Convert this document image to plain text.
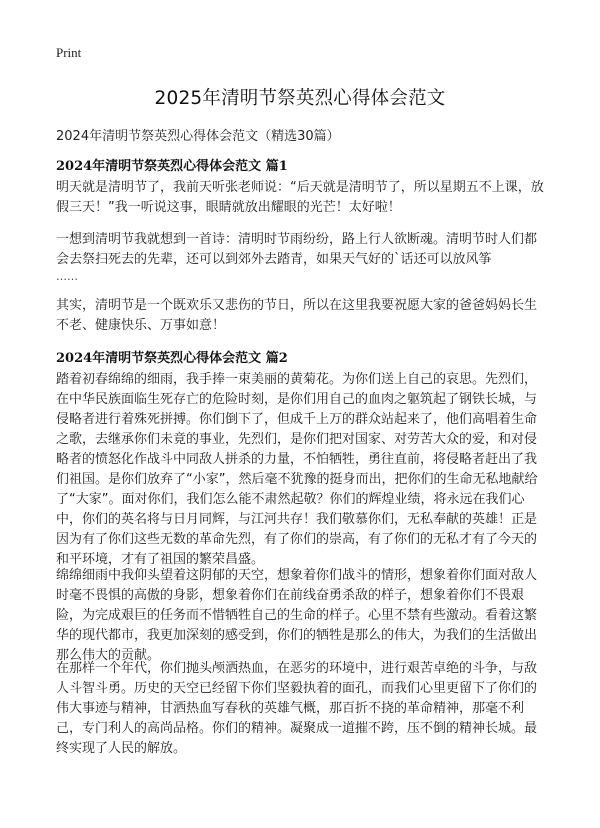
Print
2025年清明节祭英烈心得体会范文
2024年清明节祭英烈心得体会范文（精选30篇）
2024年清明节祭英烈心得体会范文 篇1

明天就是清明节了，我前天听张老师说：“后天就是清明节了，所以星期五不上课，放假三天！”我一听说这事，眼睛就放出耀眼的光芒！太好啦！

一想到清明节我就想到一首诗：清明时节雨纷纷，路上行人欲断魂。清明节时人们都会去祭扫死去的先辈，还可以到郊外去踏青，如果天气好的`话还可以放风筝
……

其实，清明节是一个既欢乐又悲伤的节日，所以在这里我要祝愿大家的爸爸妈妈长生不老、健康快乐、万事如意！

2024年清明节祭英烈心得体会范文 篇2

踏着初春绵绵的细雨，我手捧一束美丽的黄菊花。为你们送上自己的哀思。先烈们，在中华民族面临生死存亡的危险时刻，是你们用自己的血肉之躯筑起了钢铁长城，与侵略者进行着殊死拼搏。你们倒下了，但成千上万的群众站起来了，他们高唱着生命之歌，去继承你们未竟的事业，先烈们，是你们把对国家、对劳苦大众的爱，和对侵略者的愤怒化作战斗中同敌人拼杀的力量，不怕牺牲，勇往直前，将侵略者赶出了我们祖国。是你们放弃了“小家”，然后毫不犹豫的挺身而出，把你们的生命无私地献给了“大家”。面对你们，我们怎么能不肃然起敬？你们的辉煌业绩，将永远在我们心中，你们的英名将与日月同辉，与江河共存！我们敬慕你们，无私奉献的英雄！正是因为有了你们这些无数的革命先烈，有了你们的崇高，有了你们的无私才有了今天的和平环境，才有了祖国的繁荣昌盛。

绵绵细雨中我仰头望着这阴郁的天空，想象着你们战斗的情形，想象着你们面对敌人时毫不畏惧的高傲的身影，想象着你们在前线奋勇杀敌的样子，想象着你们不畏艰险，为完成艰巨的任务而不惜牺牲自己的生命的样子。心里不禁有些激动。看着这繁华的现代都市，我更加深刻的感受到，你们的牺牲是那么的伟大，为我们的生活做出那么伟大的贡献。

在那样一个年代，你们抛头颅洒热血，在恶劣的环境中，进行艰苦卓绝的斗争，与敌人斗智斗勇。历史的天空已经留下你们坚毅执着的面孔，而我们心里更留下了你们的伟大事迹与精神，甘洒热血写春秋的英雄气概，那百折不挠的革命精神，那毫不利己，专门利人的高尚品格。你们的精神。凝聚成一道摧不跨，压不倒的精神长城。最终实现了人民的解放。
